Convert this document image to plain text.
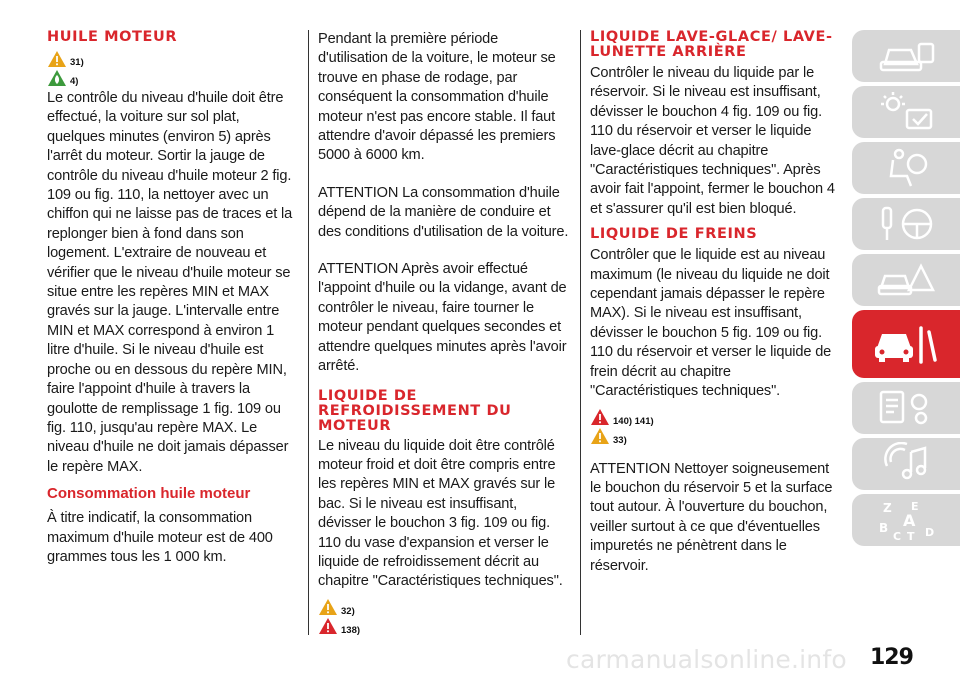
HUILE MOTEUR
31)
4)

Le contrôle du niveau d'huile doit être effectué, la voiture sur sol plat, quelques minutes (environ 5) après l'arrêt du moteur. Sortir la jauge de contrôle du niveau d'huile moteur 2 fig. 109 ou fig. 110, la nettoyer avec un chiffon qui ne laisse pas de traces et la replonger bien à fond dans son logement. L'extraire de nouveau et vérifier que le niveau d'huile moteur se situe entre les repères MIN et MAX gravés sur la jauge. L'intervalle entre MIN et MAX correspond à environ 1 litre d'huile. Si le niveau d'huile est proche ou en dessous du repère MIN, faire l'appoint d'huile à travers la goulotte de remplissage 1 fig. 109 ou fig. 110, jusqu'au repère MAX. Le niveau d'huile ne doit jamais dépasser le repère MAX.

Consommation huile moteur

À titre indicatif, la consommation maximum d'huile moteur est de 400 grammes tous les 1 000 km.

Pendant la première période d'utilisation de la voiture, le moteur se trouve en phase de rodage, par conséquent la consommation d'huile moteur n'est pas encore stable. Il faut attendre d'avoir dépassé les premiers 5000 à 6000 km.

ATTENTION La consommation d'huile dépend de la manière de conduire et des conditions d'utilisation de la voiture.

ATTENTION Après avoir effectué l'appoint d'huile ou la vidange, avant de contrôler le niveau, faire tourner le moteur pendant quelques secondes et attendre quelques minutes après l'avoir arrêté.

LIQUIDE DE REFROIDISSEMENT DU MOTEUR

Le niveau du liquide doit être contrôlé moteur froid et doit être compris entre les repères MIN et MAX gravés sur le bac. Si le niveau est insuffisant, dévisser le bouchon 3 fig. 109 ou fig. 110 du vase d'expansion et verser le liquide de refroidissement décrit au chapitre "Caractéristiques techniques".

32)
138)
LIQUIDE LAVE-GLACE/ LAVE-LUNETTE ARRIÈRE

Contrôler le niveau du liquide par le réservoir. Si le niveau est insuffisant, dévisser le bouchon 4 fig. 109 ou fig. 110 du réservoir et verser le liquide lave-glace décrit au chapitre "Caractéristiques techniques". Après avoir fait l'appoint, fermer le bouchon 4 et s'assurer qu'il est bien bloqué.

LIQUIDE DE FREINS

Contrôler que le liquide est au niveau maximum (le niveau du liquide ne doit cependant jamais dépasser le repère MAX). Si le niveau est insuffisant, dévisser le bouchon 5 fig. 109 ou fig. 110 du réservoir et verser le liquide de frein décrit au chapitre "Caractéristiques techniques".

140) 141)
33)

ATTENTION Nettoyer soigneusement le bouchon du réservoir 5 et la surface tout autour. À l'ouverture du bouchon, veiller surtout à ce que d'éventuelles impuretés ne pénètrent dans le réservoir.

Z E
B A
C T D
carmanualsonline.info 129
